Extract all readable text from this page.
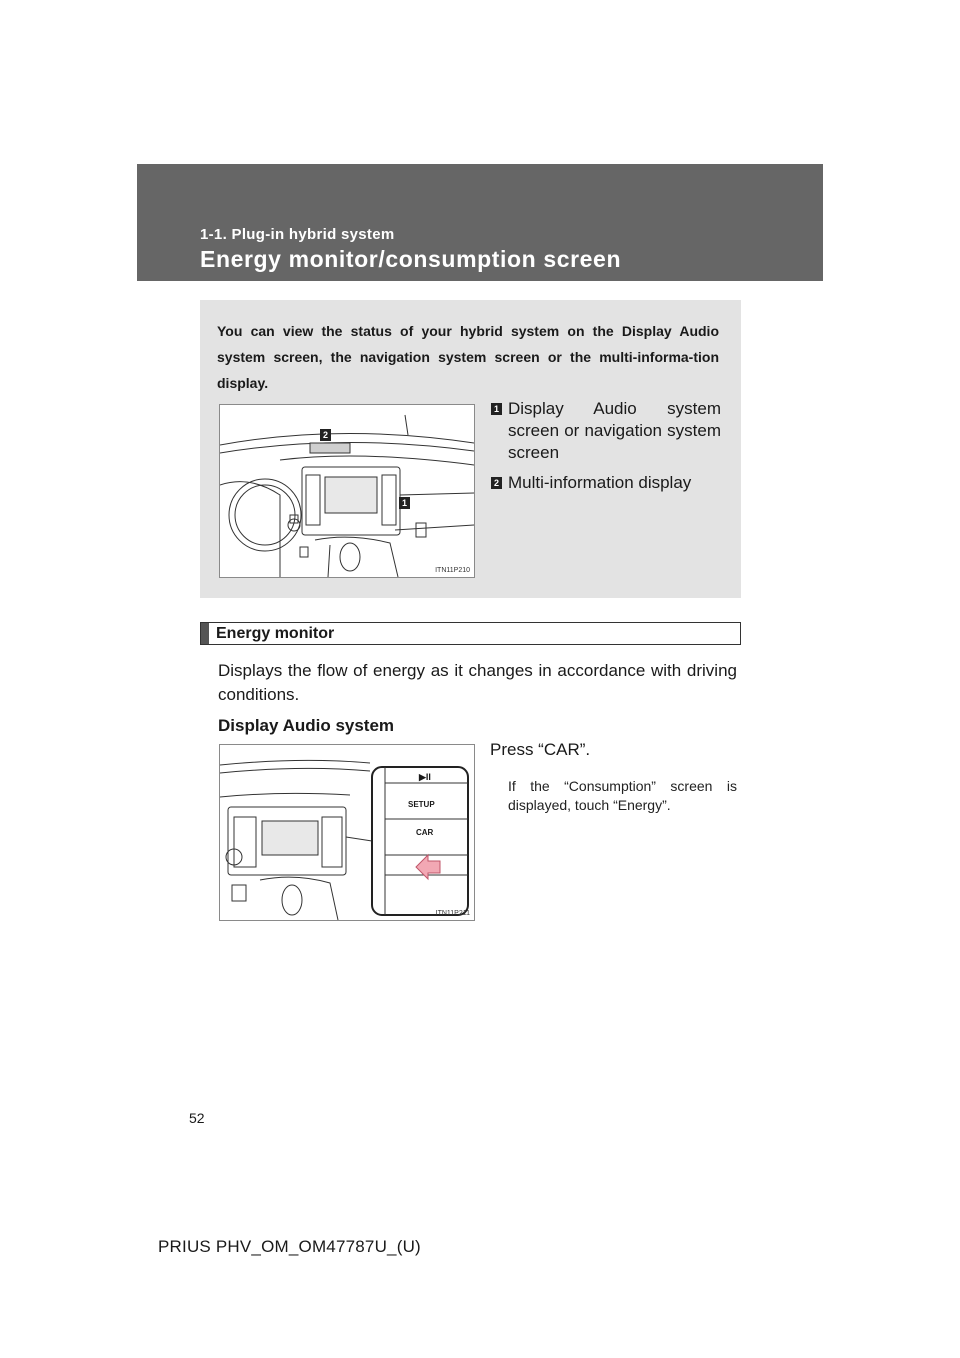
1-1. Plug-in hybrid system
Energy monitor/consumption screen
You can view the status of your hybrid system on the Display Audio system screen, the navigation system screen or the multi-informa-tion display.
2
1
ITN11P210
1 Display Audio system screen or navigation system screen
2 Multi-information display
Energy monitor
Displays the flow of energy as it changes in accordance with driving conditions.
Display Audio system
▶II
SETUP
CAR
ITN11P211
Press “CAR”.
If the “Consumption” screen is displayed, touch “Energy”.
52
PRIUS PHV_OM_OM47787U_(U)
